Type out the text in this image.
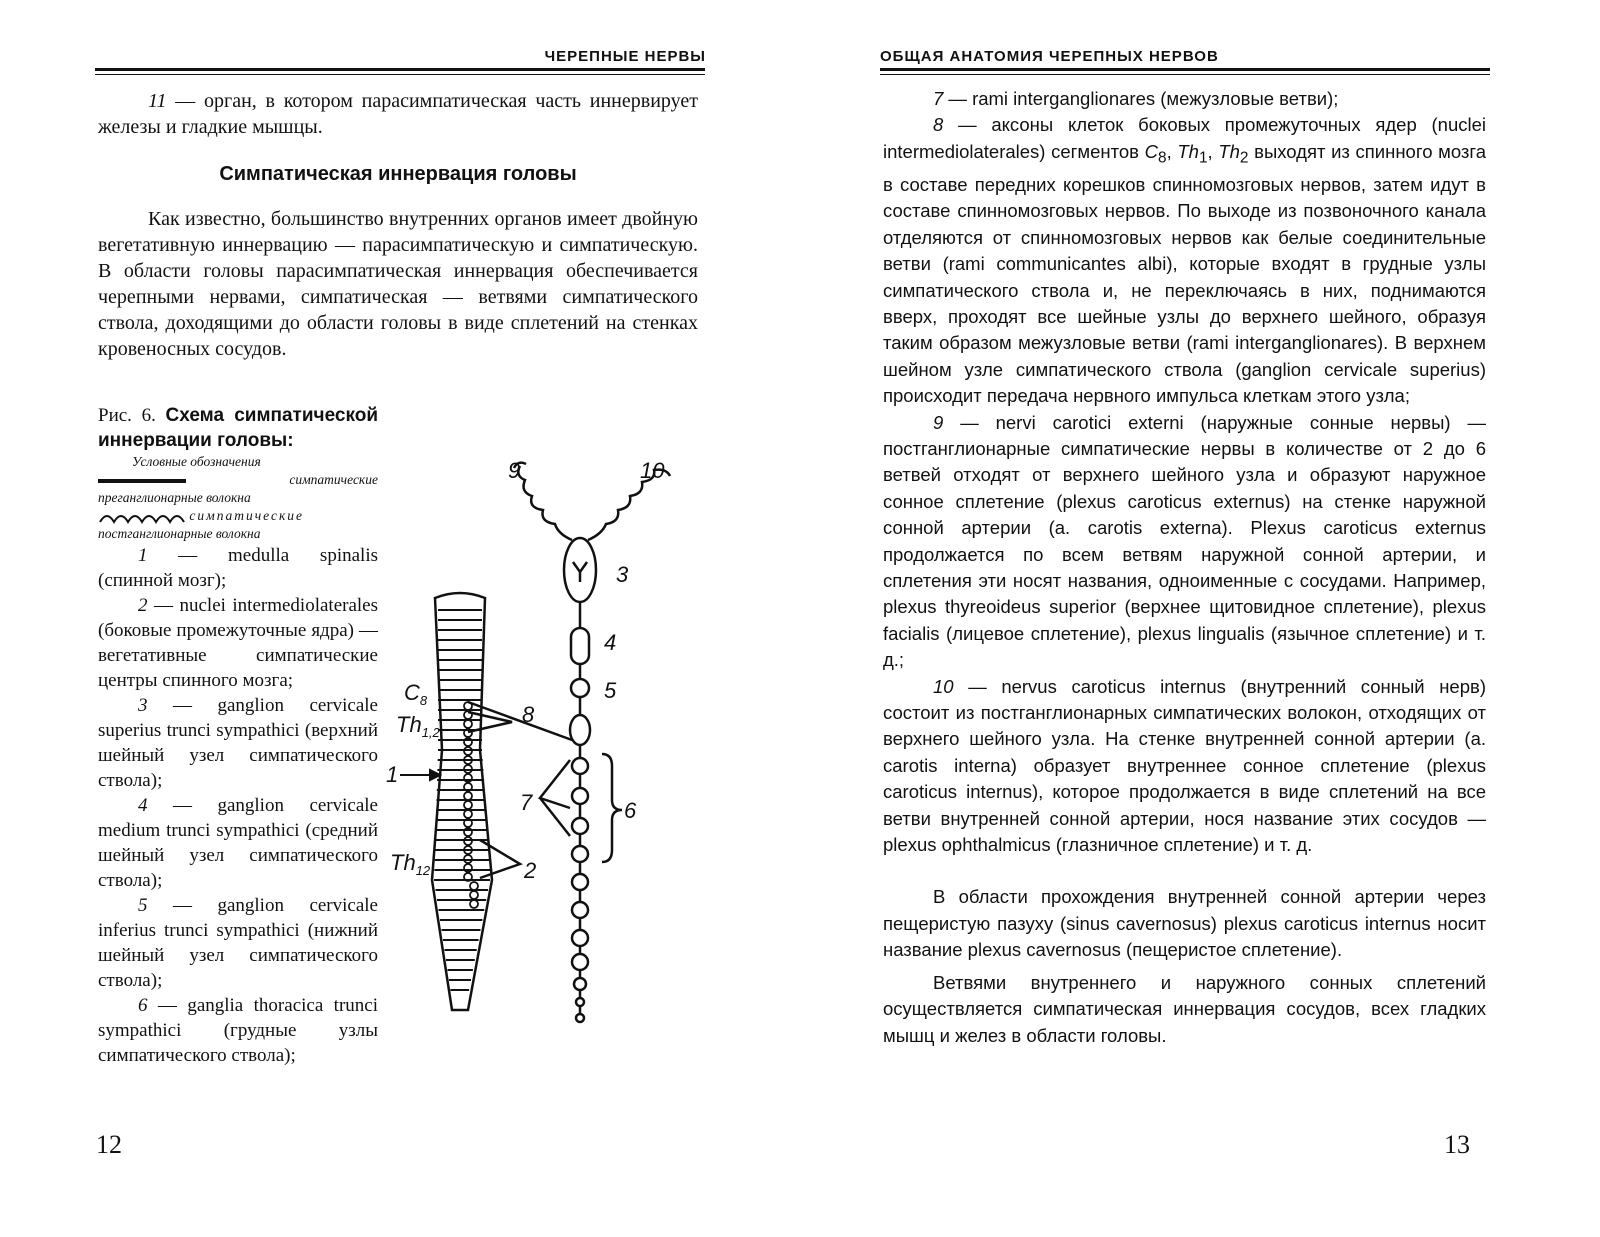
ЧЕРЕПНЫЕ НЕРВЫ

11 — орган, в котором парасимпатическая часть иннервирует железы и гладкие мышцы.

Симпатическая иннервация головы

Как известно, большинство внутренних органов имеет двойную вегетативную иннервацию — парасимпатическую и симпатическую. В области головы парасимпатическая иннервация обеспечивается черепными нервами, симпатическая — ветвями симпатического ствола, доходящими до области головы в виде сплетений на стенках кровеносных сосудов.

Рис. 6. Схема симпатической иннервации головы:
Условные обозначения
симпатические преганглионарные волокна
симпатические
постганглионарные волокна

1 — medulla spinalis (спинной мозг);

2 — nuclei intermediolaterales (боковые промежуточные ядра) — вегетативные симпатические центры спинного мозга;

3 — ganglion cervicale superius trunci sympathici (верхний шейный узел симпатического ствола);

4 — ganglion cervicale medium trunci sympathici (средний шейный узел симпатического ствола);

5 — ganglion cervicale inferius trunci sympathici (нижний шейный узел симпатического ствола);

6 — ganglia thoracica trunci sympathici (грудные узлы симпатического ствола);

9	10
3
4
5
8
7	6
2
1
$C_8$
$Th_{1,2}$
$Th_{12}$
12
ОБЩАЯ АНАТОМИЯ ЧЕРЕПНЫХ НЕРВОВ

7 — rami interganglionares (межузловые ветви);

8 — аксоны клеток боковых промежуточных ядер (nuclei intermediolaterales) сегментов $C_8$, $Th_1$, $Th_2$ выходят из спинного мозга в составе передних корешков спинномозговых нервов, затем идут в составе спинномозговых нервов. По выходе из позвоночного канала отделяются от спинномозговых нервов как белые соединительные ветви (rami communicantes albi), которые входят в грудные узлы симпатического ствола и, не переключаясь в них, поднимаются вверх, проходят все шейные узлы до верхнего шейного, образуя таким образом межузловые ветви (rami interganglionares). В верхнем шейном узле симпатического ствола (ganglion cervicale superius) происходит передача нервного импульса клеткам этого узла;

9 — nervi carotici externi (наружные сонные нервы) — постганглионарные симпатические нервы в количестве от 2 до 6 ветвей отходят от верхнего шейного узла и образуют наружное сонное сплетение (plexus caroticus externus) на стенке наружной сонной артерии (a. carotis externa). Plexus caroticus externus продолжается по всем ветвям наружной сонной артерии, и сплетения эти носят названия, одноименные с сосудами. Например, plexus thyreoideus superior (верхнее щитовидное сплетение), plexus facialis (лицевое сплетение), plexus lingualis (язычное сплетение) и т. д.;

10 — nervus caroticus internus (внутренний сонный нерв) состоит из постганглионарных симпатических волокон, отходящих от верхнего шейного узла. На стенке внутренней сонной артерии (a. carotis interna) образует внутреннее сонное сплетение (plexus caroticus internus), которое продолжается в виде сплетений на все ветви внутренней сонной артерии, нося название этих сосудов — plexus ophthalmicus (глазничное сплетение) и т. д.

В области прохождения внутренней сонной артерии через пещеристую пазуху (sinus cavernosus) plexus caroticus internus носит название plexus cavernosus (пещеристое сплетение).

Ветвями внутреннего и наружного сонных сплетений осуществляется симпатическая иннервация сосудов, всех гладких мышц и желез в области головы.

13
